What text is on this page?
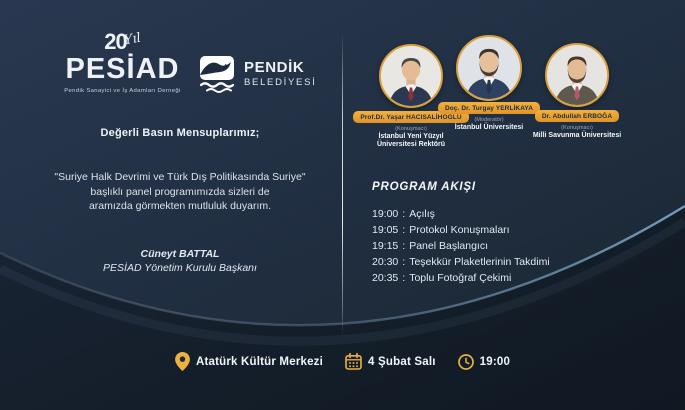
20
Yıl
PESİAD
Pendik Sanayici ve İş Adamları Derneği
PENDİK
BELEDİYESİ
Prof.Dr. Yaşar HACISALİHOĞLU
(Konuşmacı)
İstanbul Yeni Yüzyıl
Üniversitesi Rektörü
Doç. Dr. Turgay YERLİKAYA
(Moderatör)
İstanbul Üniversitesi
Dr. Abdullah ERBOĞA
(Konuşmacı)
Milli Savunma Üniversitesi
Değerli Basın Mensuplarımız;
"Suriye Halk Devrimi ve Türk Dış Politikasında Suriye"
başlıklı panel programımızda sizleri de
aramızda görmekten mutluluk duyarım.
Cüneyt BATTAL
PESİAD Yönetim Kurulu Başkanı
PROGRAM AKIŞI
19:00 : Açılış
19:05 : Protokol Konuşmaları
19:15 : Panel Başlangıcı
20:30 : Teşekkür Plaketlerinin Takdimi
20:35 : Toplu Fotoğraf Çekimi
Atatürk Kültür Merkezi	4 Şubat Salı	19:00
